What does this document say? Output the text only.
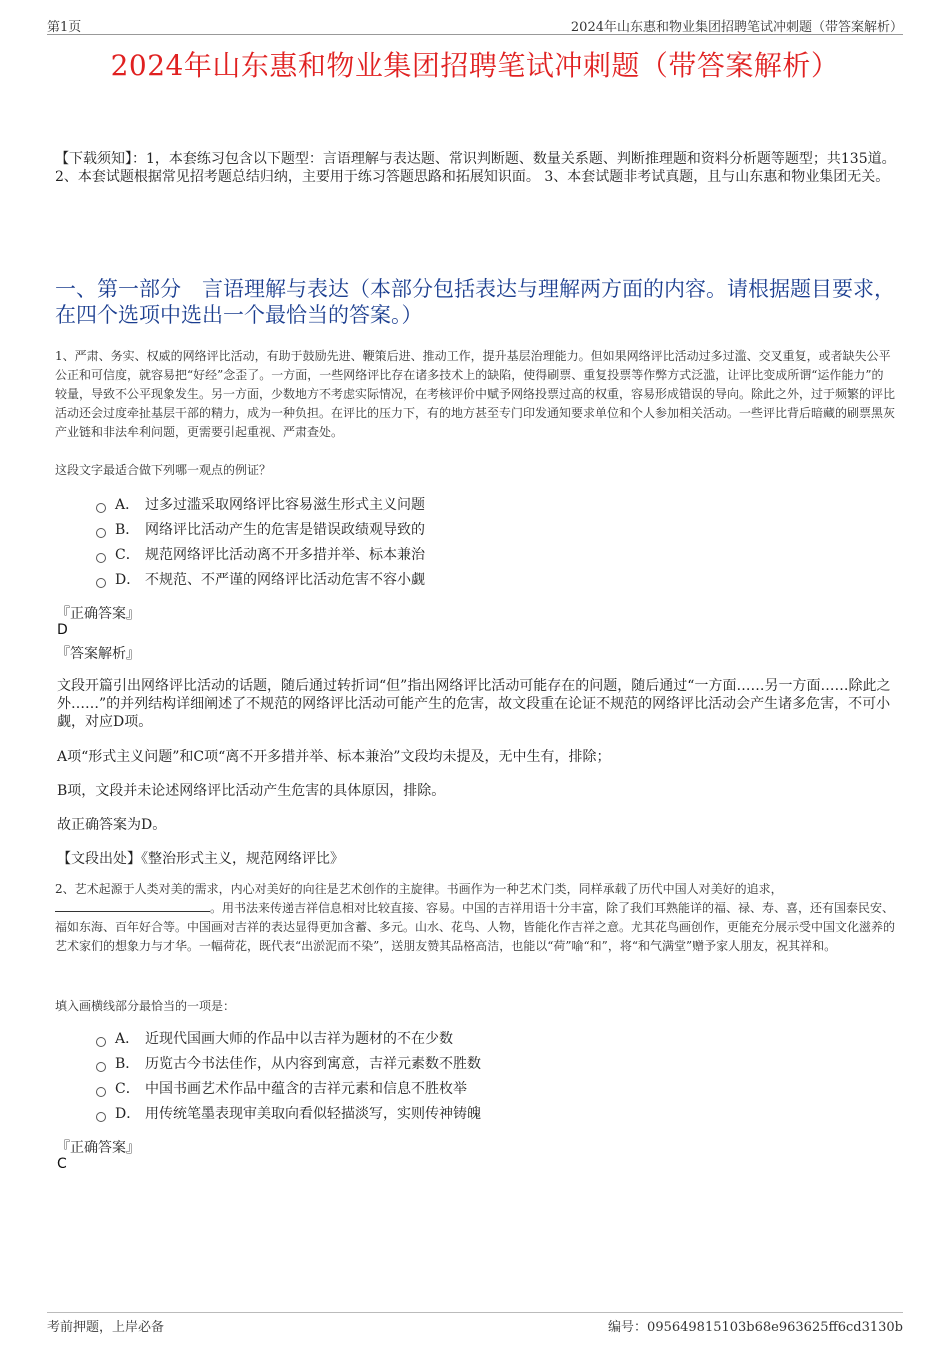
第1页	2024年山东惠和物业集团招聘笔试冲刺题（带答案解析）
2024年山东惠和物业集团招聘笔试冲刺题（带答案解析）
【下载须知】：1，本套练习包含以下题型：言语理解与表达题、常识判断题、数量关系题、判断推理题和资料分析题等题型；共135道。 2、本套试题根据常见招考题总结归纳，主要用于练习答题思路和拓展知识面。 3、本套试题非考试真题，且与山东惠和物业集团无关。
一、第一部分　言语理解与表达（本部分包括表达与理解两方面的内容。请根据题目要求，在四个选项中选出一个最恰当的答案。）
1、严肃、务实、权威的网络评比活动，有助于鼓励先进、鞭策后进、推动工作，提升基层治理能力。但如果网络评比活动过多过滥、交叉重复，或者缺失公平公正和可信度，就容易把“好经”念歪了。一方面，一些网络评比存在诸多技术上的缺陷，使得刷票、重复投票等作弊方式泛滥，让评比变成所谓“运作能力”的较量，导致不公平现象发生。另一方面，少数地方不考虑实际情况，在考核评价中赋予网络投票过高的权重，容易形成错误的导向。除此之外，过于频繁的评比活动还会过度牵扯基层干部的精力，成为一种负担。在评比的压力下，有的地方甚至专门印发通知要求单位和个人参加相关活动。一些评比背后暗藏的刷票黑灰产业链和非法牟利问题，更需要引起重视、严肃查处。
这段文字最适合做下列哪一观点的例证？
A． 过多过滥采取网络评比容易滋生形式主义问题
B． 网络评比活动产生的危害是错误政绩观导致的
C． 规范网络评比活动离不开多措并举、标本兼治
D． 不规范、不严谨的网络评比活动危害不容小觑
『正确答案』
D
『答案解析』
文段开篇引出网络评比活动的话题，随后通过转折词“但”指出网络评比活动可能存在的问题，随后通过“一方面……另一方面……除此之外……”的并列结构详细阐述了不规范的网络评比活动可能产生的危害，故文段重在论证不规范的网络评比活动会产生诸多危害，不可小觑，对应D项。
A项“形式主义问题”和C项“离不开多措并举、标本兼治”文段均未提及，无中生有，排除；
B项，文段并未论述网络评比活动产生危害的具体原因，排除。
故正确答案为D。
【文段出处】《整治形式主义，规范网络评比》
2、艺术起源于人类对美的需求，内心对美好的向往是艺术创作的主旋律。书画作为一种艺术门类，同样承载了历代中国人对美好的追求，。用书法来传递吉祥信息相对比较直接、容易。中国的吉祥用语十分丰富，除了我们耳熟能详的福、禄、寿、喜，还有国泰民安、福如东海、百年好合等。中国画对吉祥的表达显得更加含蓄、多元。山水、花鸟、人物，皆能化作吉祥之意。尤其花鸟画创作，更能充分展示受中国文化滋养的艺术家们的想象力与才华。一幅荷花，既代表“出淤泥而不染”，送朋友赞其品格高洁，也能以“荷”喻“和”，将“和气满堂”赠予家人朋友，祝其祥和。
填入画横线部分最恰当的一项是：
A． 近现代国画大师的作品中以吉祥为题材的不在少数
B． 历览古今书法佳作，从内容到寓意，吉祥元素数不胜数
C． 中国书画艺术作品中蕴含的吉祥元素和信息不胜枚举
D． 用传统笔墨表现审美取向看似轻描淡写，实则传神铸魄
『正确答案』
C
考前押题，上岸必备	编号：095649815103b68e963625ff6cd3130b
